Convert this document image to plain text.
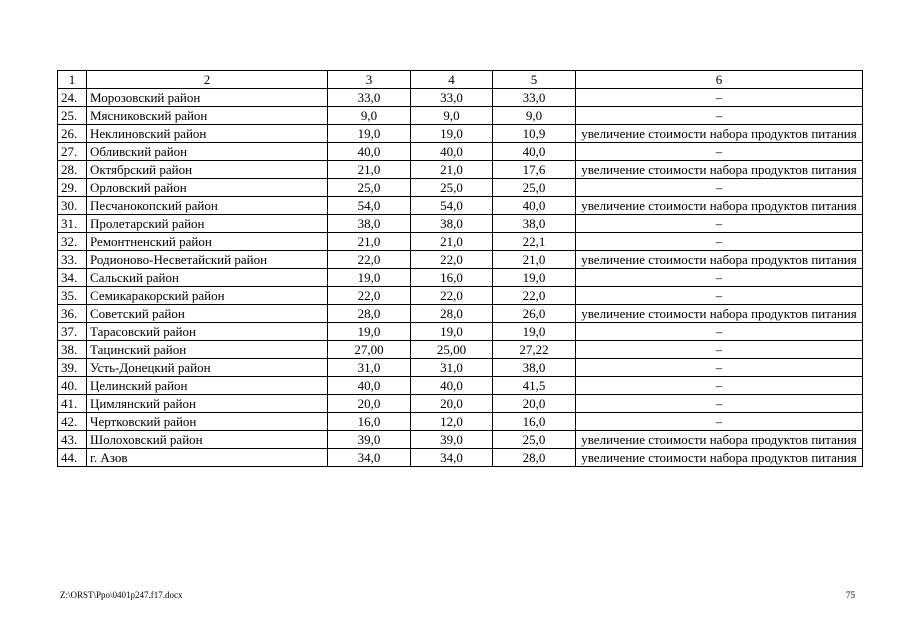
1	2	3	4	5	6
24.	Морозовский район	33,0	33,0	33,0	–
25.	Мясниковский район	9,0	9,0	9,0	–
26.	Неклиновский район	19,0	19,0	10,9	увеличение стоимости набора продуктов питания
27.	Обливский район	40,0	40,0	40,0	–
28.	Октябрский район	21,0	21,0	17,6	увеличение стоимости набора продуктов питания
29.	Орловский район	25,0	25,0	25,0	–
30.	Песчанокопский район	54,0	54,0	40,0	увеличение стоимости набора продуктов питания
31.	Пролетарский район	38,0	38,0	38,0	–
32.	Ремонтненский район	21,0	21,0	22,1	–
33.	Родионово-Несветайский район	22,0	22,0	21,0	увеличение стоимости набора продуктов питания
34.	Сальский район	19,0	16,0	19,0	–
35.	Семикаракорский район	22,0	22,0	22,0	–
36.	Советский район	28,0	28,0	26,0	увеличение стоимости набора продуктов питания
37.	Тарасовский район	19,0	19,0	19,0	–
38.	Тацинский район	27,00	25,00	27,22	–
39.	Усть-Донецкий район	31,0	31,0	38,0	–
40.	Целинский район	40,0	40,0	41,5	–
41.	Цимлянский район	20,0	20,0	20,0	–
42.	Чертковский район	16,0	12,0	16,0	–
43.	Шолоховский район	39,0	39,0	25,0	увеличение стоимости набора продуктов питания
44.	г. Азов	34,0	34,0	28,0	увеличение стоимости набора продуктов питания
Z:\ORST\Ppo\0401p247.f17.docx	75
